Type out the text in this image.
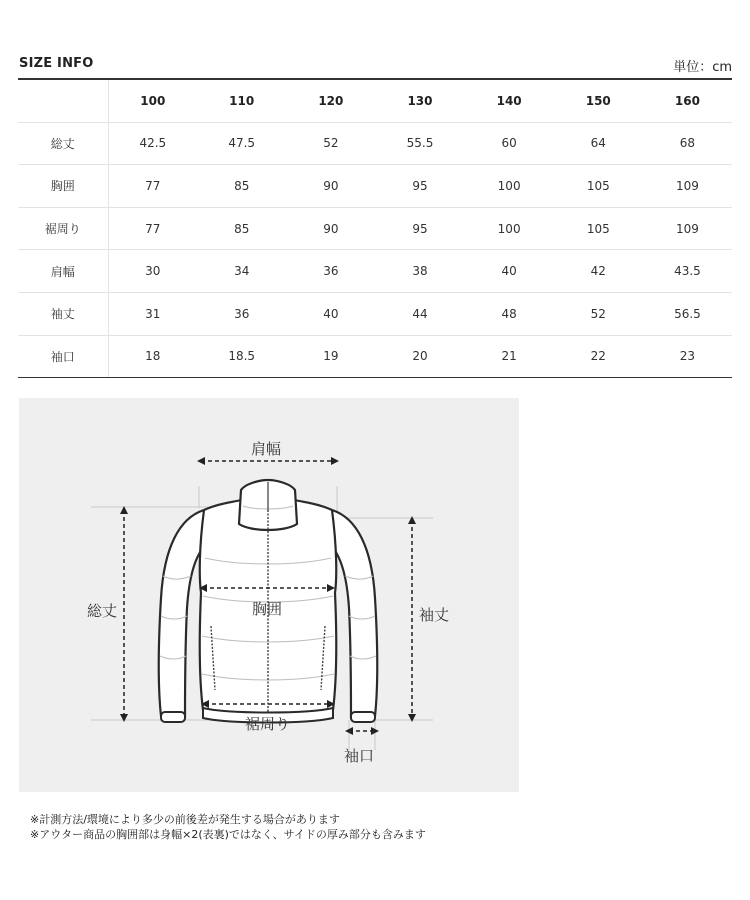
SIZE INFO	単位：cm
	100	110	120	130	140	150	160
総丈	42.5	47.5	52	55.5	60	64	68
胸囲	77	85	90	95	100	105	109
裾周り	77	85	90	95	100	105	109
肩幅	30	34	36	38	40	42	43.5
袖丈	31	36	40	44	48	52	56.5
袖口	18	18.5	19	20	21	22	23
肩幅
総丈	胸囲	袖丈
裾周り
袖口
※計測方法/環境により多少の前後差が発生する場合があります
※アウター商品の胸囲部は身幅×2(表裏)ではなく、サイドの厚み部分も含みます
